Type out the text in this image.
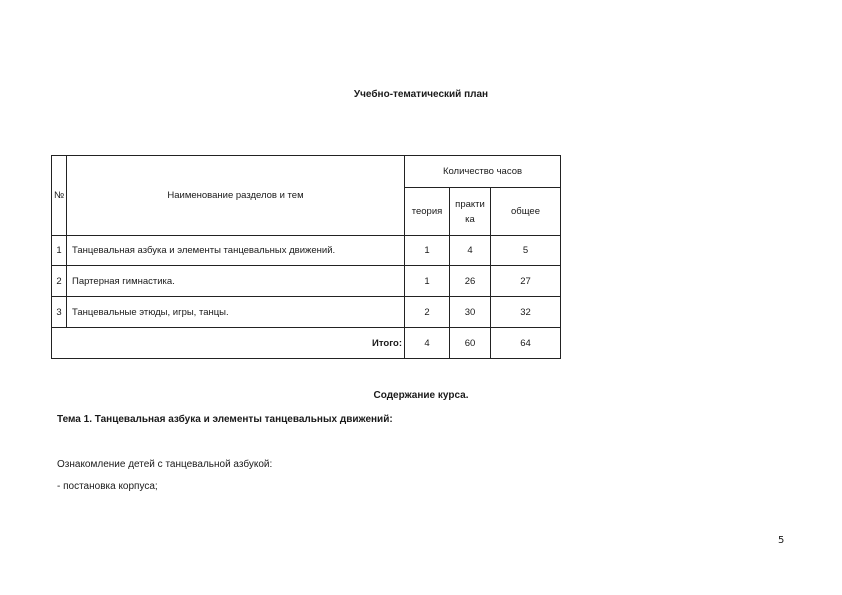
Учебно-тематический план
№	Наименование разделов и тем	Количество часов		
		теория	практика	общее
1	Танцевальная азбука и элементы танцевальных движений.	1	4	5
2	Партерная гимнастика.	1	26	27
3	Танцевальные этюды, игры, танцы.	2	30	32
Итого:		4	60	64
Содержание курса.
Тема 1. Танцевальная азбука и элементы танцевальных движений:
Ознакомление детей с танцевальной азбукой:
- постановка корпуса;
5
